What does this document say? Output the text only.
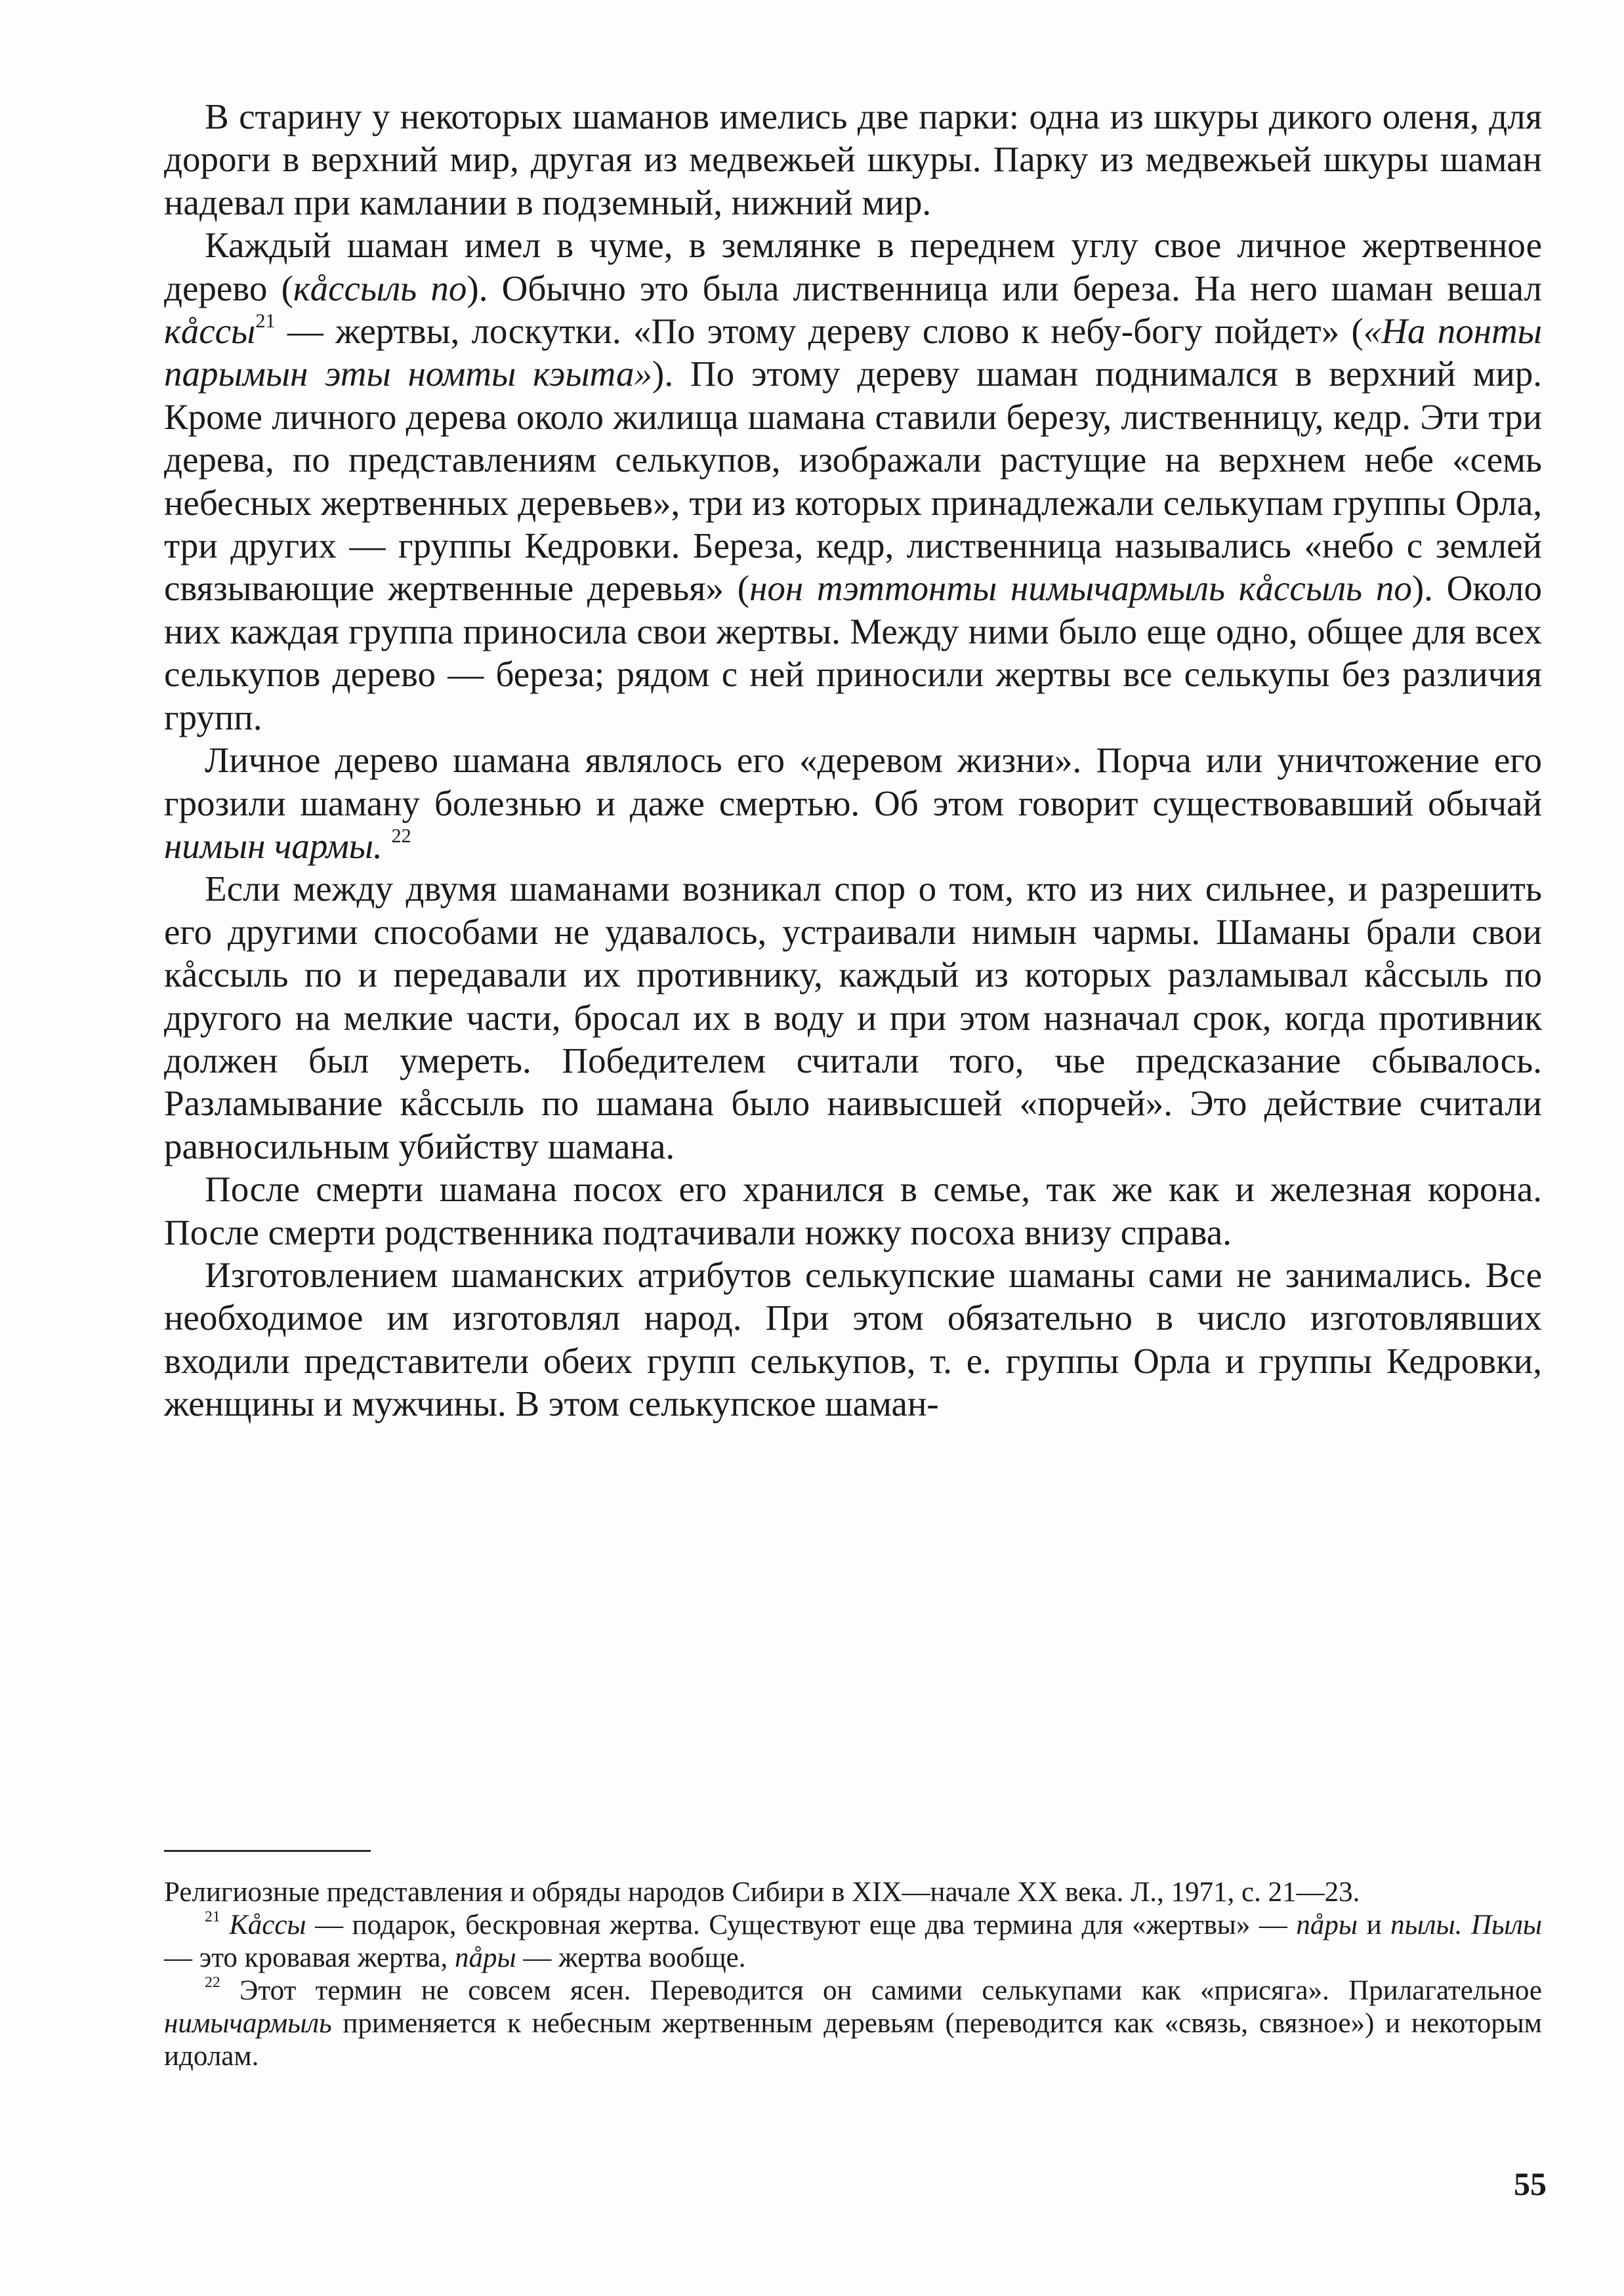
В старину у некоторых шаманов имелись две парки: одна из шкуры дикого оленя, для дороги в верхний мир, другая из медвежьей шкуры. Парку из медвежьей шкуры шаман надевал при камлании в подземный, нижний мир.

Каждый шаман имел в чуме, в землянке в переднем углу свое личное жертвенное дерево (кåссыль по). Обычно это была лиственница или береза. На него шаман вешал кåссы$^{21}$ — жертвы, лоскутки. «По этому дереву слово к небу-богу пойдет» («На понты парымын эты номты кэыта»). По этому дереву шаман поднимался в верхний мир. Кроме личного дерева около жилища шамана ставили березу, лиственницу, кедр. Эти три дерева, по представлениям селькупов, изображали растущие на верхнем небе «семь небесных жертвенных деревьев», три из которых принадлежали селькупам группы Орла, три других — группы Кедровки. Береза, кедр, лиственница назывались «небо с землей связывающие жертвенные деревья» (нон тэттонты нимычармыль кåссыль по). Около них каждая группа приносила свои жертвы. Между ними было еще одно, общее для всех селькупов дерево — береза; рядом с ней приносили жертвы все селькупы без различия групп.

Личное дерево шамана являлось его «деревом жизни». Порча или уничтожение его грозили шаману болезнью и даже смертью. Об этом говорит существовавший обычай нимын чармы. $^{22}$

Если между двумя шаманами возникал спор о том, кто из них сильнее, и разрешить его другими способами не удавалось, устраивали нимын чармы. Шаманы брали свои кåссыль по и передавали их противнику, каждый из которых разламывал кåссыль по другого на мелкие части, бросал их в воду и при этом назначал срок, когда противник должен был умереть. Победителем считали того, чье предсказание сбывалось. Разламывание кåссыль по шамана было наивысшей «порчей». Это действие считали равносильным убийству шамана.

После смерти шамана посох его хранился в семье, так же как и железная корона. После смерти родственника подтачивали ножку посоха внизу справа.

Изготовлением шаманских атрибутов селькупские шаманы сами не занимались. Все необходимое им изготовлял народ. При этом обязательно в число изготовлявших входили представители обеих групп селькупов, т. е. группы Орла и группы Кедровки, женщины и мужчины. В этом селькупское шаман-

Религиозные представления и обряды народов Сибири в XIX—начале XX века. Л., 1971, с. 21—23.

$^{21}$ Кåссы — подарок, бескровная жертва. Существуют еще два термина для «жертвы» — пåры и пылы. Пылы — это кровавая жертва, пåры — жертва вообще.

$^{22}$ Этот термин не совсем ясен. Переводится он самими селькупами как «присяга». Прилагательное нимычармыль применяется к небесным жертвенным деревьям (переводится как «связь, связное») и некоторым идолам.

55
